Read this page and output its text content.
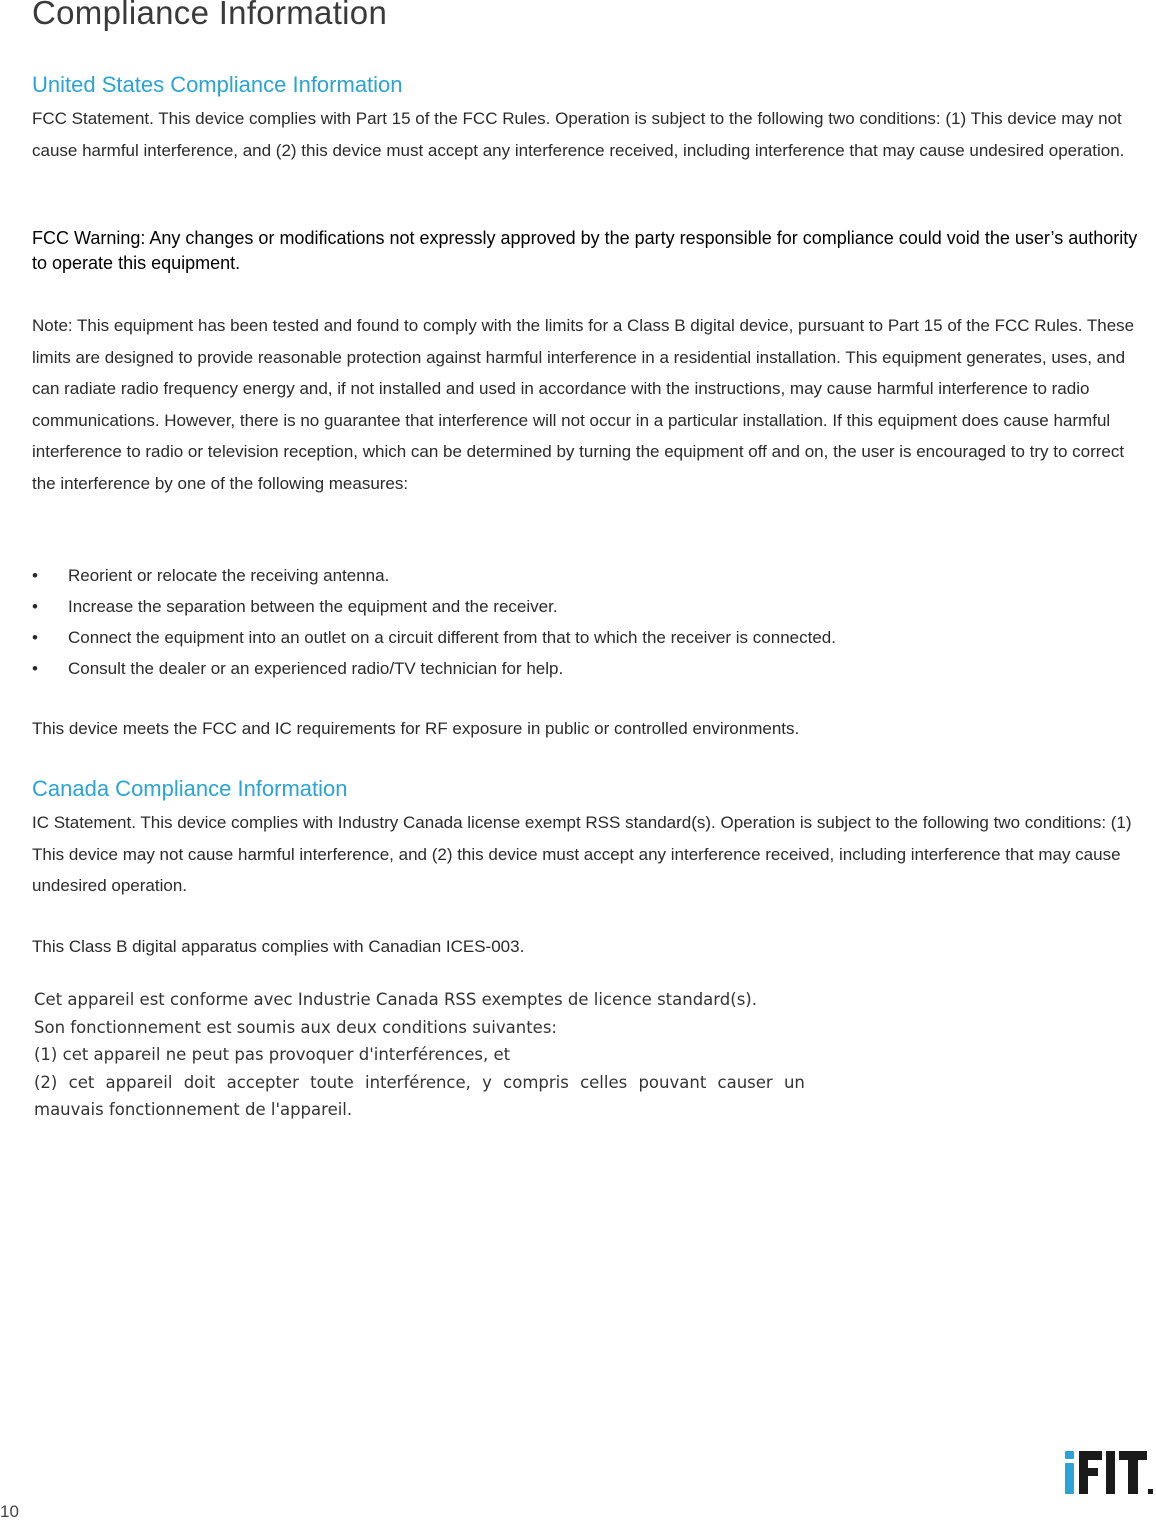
Compliance Information
United States Compliance Information

FCC Statement. This device complies with Part 15 of the FCC Rules. Operation is subject to the following two conditions: (1) This device may not cause harmful interference, and (2) this device must accept any interference received, including interference that may cause undesired operation.

FCC Warning: Any changes or modifications not expressly approved by the party responsible for compliance could void the user’s authority to operate this equipment.

Note: This equipment has been tested and found to comply with the limits for a Class B digital device, pursuant to Part 15 of the FCC Rules. These limits are designed to provide reasonable protection against harmful interference in a residential installation. This equipment generates, uses, and can radiate radio frequency energy and, if not installed and used in accordance with the instructions, may cause harmful interference to radio communications. However, there is no guarantee that interference will not occur in a particular installation. If this equipment does cause harmful interference to radio or television reception, which can be determined by turning the equipment off and on, the user is encouraged to try to correct the interference by one of the following measures:

• Reorient or relocate the receiving antenna.
• Increase the separation between the equipment and the receiver.
• Connect the equipment into an outlet on a circuit different from that to which the receiver is connected.
• Consult the dealer or an experienced radio/TV technician for help.

This device meets the FCC and IC requirements for RF exposure in public or controlled environments.

Canada Compliance Information

IC Statement. This device complies with Industry Canada license exempt RSS standard(s). Operation is subject to the following two conditions: (1) This device may not cause harmful interference, and (2) this device must accept any interference received, including interference that may cause undesired operation.

This Class B digital apparatus complies with Canadian ICES-003.

Cet appareil est conforme avec Industrie Canada RSS exemptes de licence standard(s).
Son fonctionnement est soumis aux deux conditions suivantes:
(1) cet appareil ne peut pas provoquer d'interférences, et
(2) cet appareil doit accepter toute interférence, y compris celles pouvant causer un
mauvais fonctionnement de l'appareil.
10
